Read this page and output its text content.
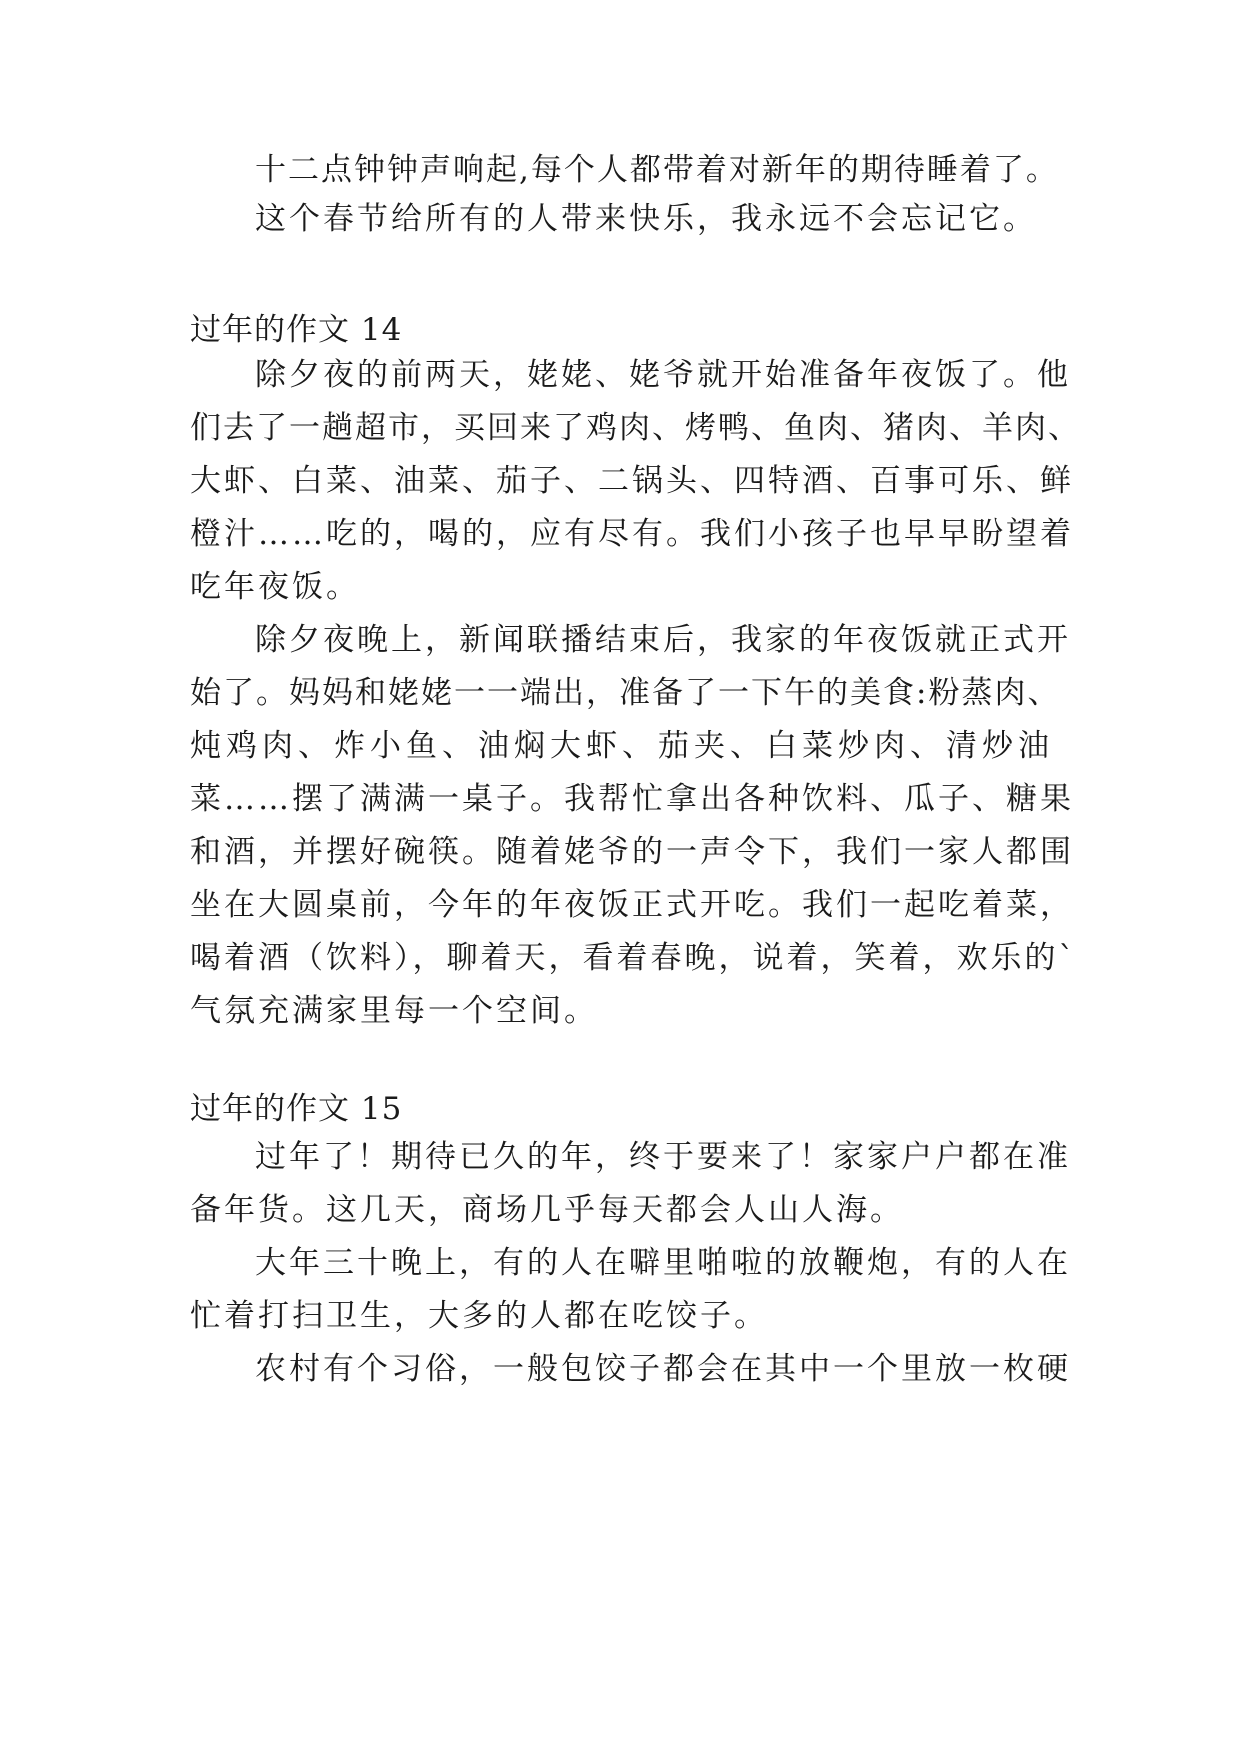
十二点钟钟声响起,每个人都带着对新年的期待睡着了。
这个春节给所有的人带来快乐，我永远不会忘记它。
过年的作文 14
除夕夜的前两天，姥姥、姥爷就开始准备年夜饭了。他
们去了一趟超市，买回来了鸡肉、烤鸭、鱼肉、猪肉、羊肉、
大虾、白菜、油菜、茄子、二锅头、四特酒、百事可乐、鲜
橙汁……吃的，喝的，应有尽有。我们小孩子也早早盼望着
吃年夜饭。
除夕夜晚上，新闻联播结束后，我家的年夜饭就正式开
始了。妈妈和姥姥一一端出，准备了一下午的美食:粉蒸肉、
炖鸡肉、炸小鱼、油焖大虾、茄夹、白菜炒肉、清炒油
菜……摆了满满一桌子。我帮忙拿出各种饮料、瓜子、糖果
和酒，并摆好碗筷。随着姥爷的一声令下，我们一家人都围
坐在大圆桌前，今年的年夜饭正式开吃。我们一起吃着菜，
喝着酒（饮料），聊着天，看着春晚，说着，笑着，欢乐的`
气氛充满家里每一个空间。
过年的作文 15
过年了！期待已久的年，终于要来了！家家户户都在准
备年货。这几天，商场几乎每天都会人山人海。
大年三十晚上，有的人在噼里啪啦的放鞭炮，有的人在
忙着打扫卫生，大多的人都在吃饺子。
农村有个习俗，一般包饺子都会在其中一个里放一枚硬
